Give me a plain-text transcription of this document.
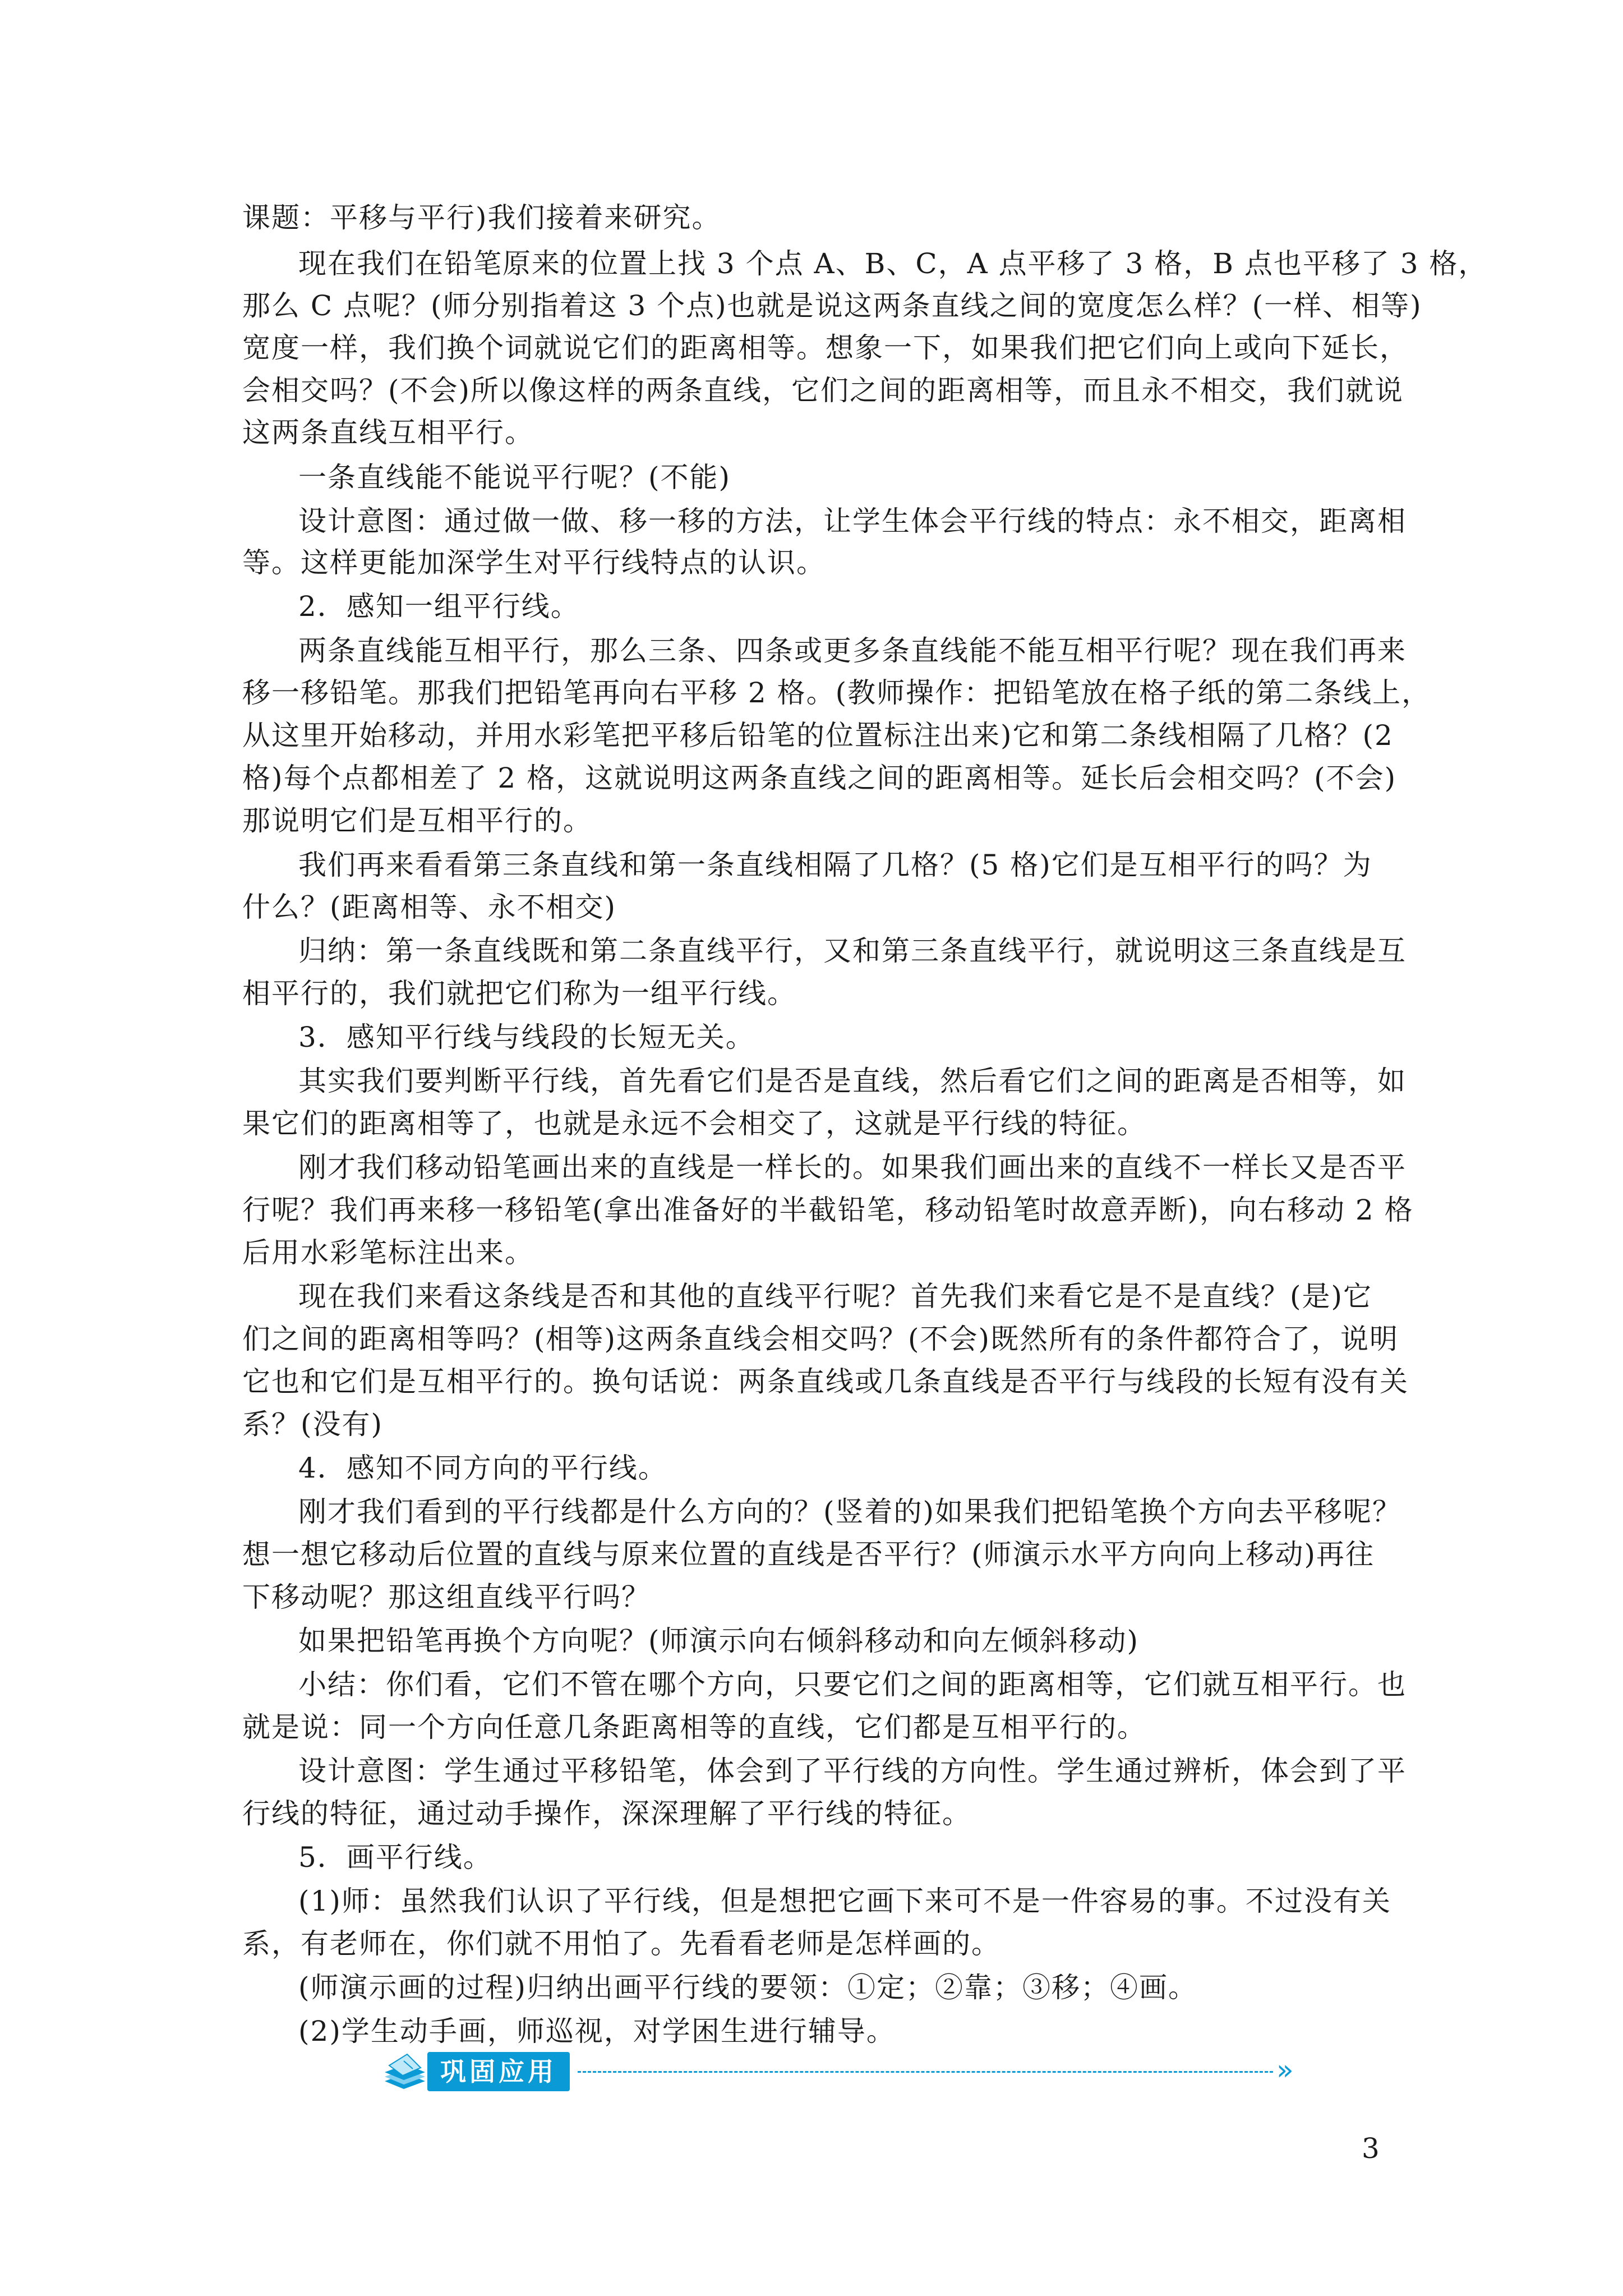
课题：平移与平行)我们接着来研究。
现在我们在铅笔原来的位置上找 3 个点 A、B、C，A 点平移了 3 格，B 点也平移了 3 格，
那么 C 点呢？(师分别指着这 3 个点)也就是说这两条直线之间的宽度怎么样？(一样、相等)
宽度一样，我们换个词就说它们的距离相等。想象一下，如果我们把它们向上或向下延长，
会相交吗？(不会)所以像这样的两条直线，它们之间的距离相等，而且永不相交，我们就说
这两条直线互相平行。
一条直线能不能说平行呢？(不能)
设计意图：通过做一做、移一移的方法，让学生体会平行线的特点：永不相交，距离相
等。这样更能加深学生对平行线特点的认识。
2．感知一组平行线。
两条直线能互相平行，那么三条、四条或更多条直线能不能互相平行呢？现在我们再来
移一移铅笔。那我们把铅笔再向右平移 2 格。(教师操作：把铅笔放在格子纸的第二条线上，
从这里开始移动，并用水彩笔把平移后铅笔的位置标注出来)它和第二条线相隔了几格？(2
格)每个点都相差了 2 格，这就说明这两条直线之间的距离相等。延长后会相交吗？(不会)
那说明它们是互相平行的。
我们再来看看第三条直线和第一条直线相隔了几格？(5 格)它们是互相平行的吗？为
什么？(距离相等、永不相交)
归纳：第一条直线既和第二条直线平行，又和第三条直线平行，就说明这三条直线是互
相平行的，我们就把它们称为一组平行线。
3．感知平行线与线段的长短无关。
其实我们要判断平行线，首先看它们是否是直线，然后看它们之间的距离是否相等，如
果它们的距离相等了，也就是永远不会相交了，这就是平行线的特征。
刚才我们移动铅笔画出来的直线是一样长的。如果我们画出来的直线不一样长又是否平
行呢？我们再来移一移铅笔(拿出准备好的半截铅笔，移动铅笔时故意弄断)，向右移动 2 格
后用水彩笔标注出来。
现在我们来看这条线是否和其他的直线平行呢？首先我们来看它是不是直线？(是)它
们之间的距离相等吗？(相等)这两条直线会相交吗？(不会)既然所有的条件都符合了，说明
它也和它们是互相平行的。换句话说：两条直线或几条直线是否平行与线段的长短有没有关
系？(没有)
4．感知不同方向的平行线。
刚才我们看到的平行线都是什么方向的？(竖着的)如果我们把铅笔换个方向去平移呢？
想一想它移动后位置的直线与原来位置的直线是否平行？(师演示水平方向向上移动)再往
下移动呢？那这组直线平行吗？
如果把铅笔再换个方向呢？(师演示向右倾斜移动和向左倾斜移动)
小结：你们看，它们不管在哪个方向，只要它们之间的距离相等，它们就互相平行。也
就是说：同一个方向任意几条距离相等的直线，它们都是互相平行的。
设计意图：学生通过平移铅笔，体会到了平行线的方向性。学生通过辨析，体会到了平
行线的特征，通过动手操作，深深理解了平行线的特征。
5．画平行线。
(1)师：虽然我们认识了平行线，但是想把它画下来可不是一件容易的事。不过没有关
系，有老师在，你们就不用怕了。先看看老师是怎样画的。
(师演示画的过程)归纳出画平行线的要领：①定；②靠；③移；④画。
(2)学生动手画，师巡视，对学困生进行辅导。
巩固应用	»
3
